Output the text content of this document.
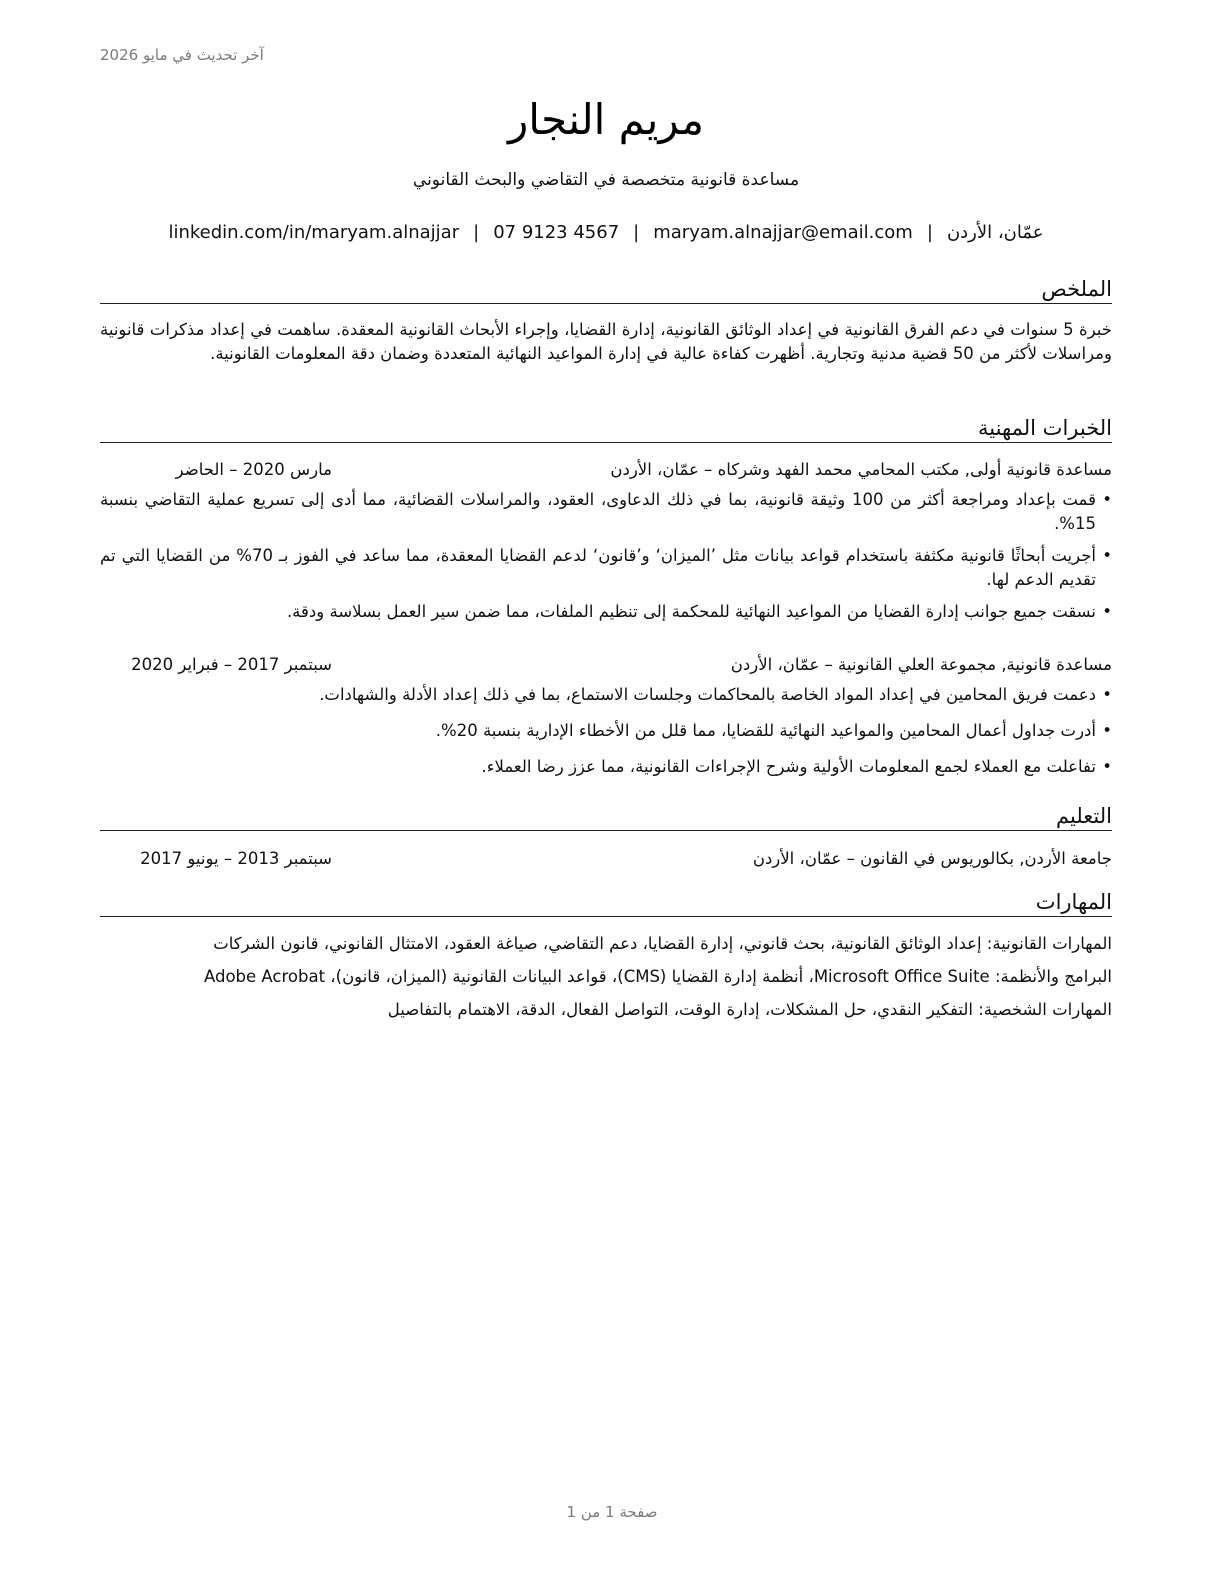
آخر تحديث في مايو 2026
مريم النجار
مساعدة قانونية متخصصة في التقاضي والبحث القانوني
عمّان، الأردن|maryam.alnajjar@email.com|07 9123 4567|linkedin.com/in/maryam.alnajjar
الملخص
خبرة 5 سنوات في دعم الفرق القانونية في إعداد الوثائق القانونية، إدارة القضايا، وإجراء الأبحاث القانونية المعقدة. ساهمت في إعداد مذكرات قانونية ومراسلات لأكثر من 50 قضية مدنية وتجارية. أظهرت كفاءة عالية في إدارة المواعيد النهائية المتعددة وضمان دقة المعلومات القانونية.
الخبرات المهنية
مساعدة قانونية أولى, مكتب المحامي محمد الفهد وشركاه – عمّان، الأردن
مارس 2020 – الحاضر
• قمت بإعداد ومراجعة أكثر من 100 وثيقة قانونية، بما في ذلك الدعاوى، العقود، والمراسلات القضائية، مما أدى إلى تسريع عملية التقاضي بنسبة 15%.
• أجريت أبحاثًا قانونية مكثفة باستخدام قواعد بيانات مثل ’الميزان‘ و’قانون‘ لدعم القضايا المعقدة، مما ساعد في الفوز بـ 70% من القضايا التي تم تقديم الدعم لها.
• نسقت جميع جوانب إدارة القضايا من المواعيد النهائية للمحكمة إلى تنظيم الملفات، مما ضمن سير العمل بسلاسة ودقة.
مساعدة قانونية, مجموعة العلي القانونية – عمّان، الأردن
سبتمبر 2017 – فبراير 2020
• دعمت فريق المحامين في إعداد المواد الخاصة بالمحاكمات وجلسات الاستماع، بما في ذلك إعداد الأدلة والشهادات.
• أدرت جداول أعمال المحامين والمواعيد النهائية للقضايا، مما قلل من الأخطاء الإدارية بنسبة 20%.
• تفاعلت مع العملاء لجمع المعلومات الأولية وشرح الإجراءات القانونية، مما عزز رضا العملاء.
التعليم
جامعة الأردن, بكالوريوس في القانون – عمّان، الأردن
سبتمبر 2013 – يونيو 2017
المهارات
المهارات القانونية: إعداد الوثائق القانونية، بحث قانوني، إدارة القضايا، دعم التقاضي، صياغة العقود، الامتثال القانوني، قانون الشركات
البرامج والأنظمة: Microsoft Office Suite، أنظمة إدارة القضايا (CMS)، قواعد البيانات القانونية (الميزان، قانون)، Adobe Acrobat
المهارات الشخصية: التفكير النقدي، حل المشكلات، إدارة الوقت، التواصل الفعال، الدقة، الاهتمام بالتفاصيل
صفحة 1 من 1
